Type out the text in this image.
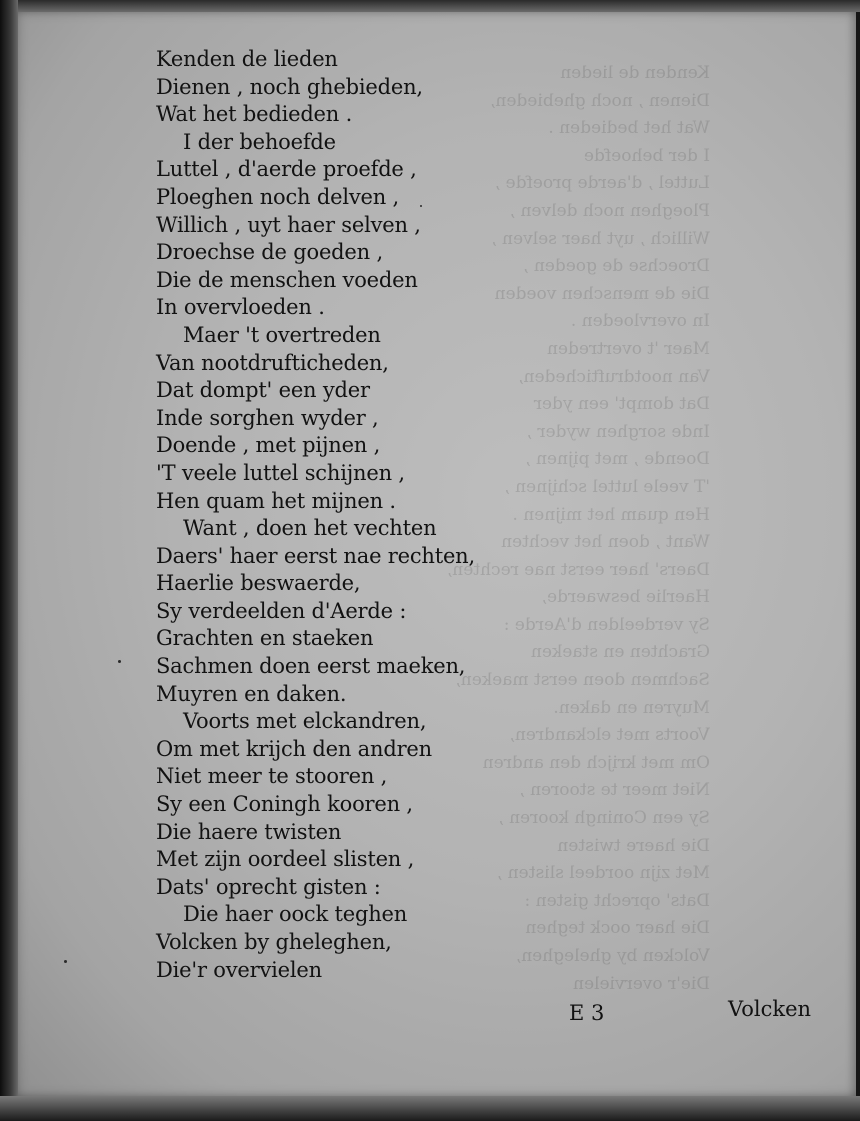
Kenden de lieden
Dienen , noch ghebieden,
Wat het bedieden .
I der behoefde
Luttel , d'aerde proefde ,
Ploeghen noch delven ,
Willich , uyt haer selven ,
Droechse de goeden ,
Die de menschen voeden
In overvloeden .
Maer 't overtreden
Van nootdrufticheden,
Dat dompt' een yder
Inde sorghen wyder ,
Doende , met pijnen ,
'T veele luttel schijnen ,
Hen quam het mijnen .
Want , doen het vechten
Daers' haer eerst nae rechten,
Haerlie beswaerde,
Sy verdeelden d'Aerde :
Grachten en staeken
Sachmen doen eerst maeken,
Muyren en daken.
Voorts met elckandren,
Om met krijch den andren
Niet meer te stooren ,
Sy een Coningh kooren ,
Die haere twisten
Met zijn oordeel slisten ,
Dats' oprecht gisten :
Die haer oock teghen
Volcken by gheleghen,
Die'r overvielen
Kenden de lieden
Dienen , noch ghebieden,
Wat het bedieden .
I der behoefde
Luttel , d'aerde proefde ,
Ploeghen noch delven ,
Willich , uyt haer selven ,
Droechse de goeden ,
Die de menschen voeden
In overvloeden .
Maer 't overtreden
Van nootdrufticheden,
Dat dompt' een yder
Inde sorghen wyder ,
Doende , met pijnen ,
'T veele luttel schijnen ,
Hen quam het mijnen .
Want , doen het vechten
Daers' haer eerst nae rechten,
Haerlie beswaerde,
Sy verdeelden d'Aerde :
Grachten en staeken
Sachmen doen eerst maeken,
Muyren en daken.
Voorts met elckandren,
Om met krijch den andren
Niet meer te stooren ,
Sy een Coningh kooren ,
Die haere twisten
Met zijn oordeel slisten ,
Dats' oprecht gisten :
Die haer oock teghen
Volcken by gheleghen,
Die'r overvielen
E 3	Volcken
